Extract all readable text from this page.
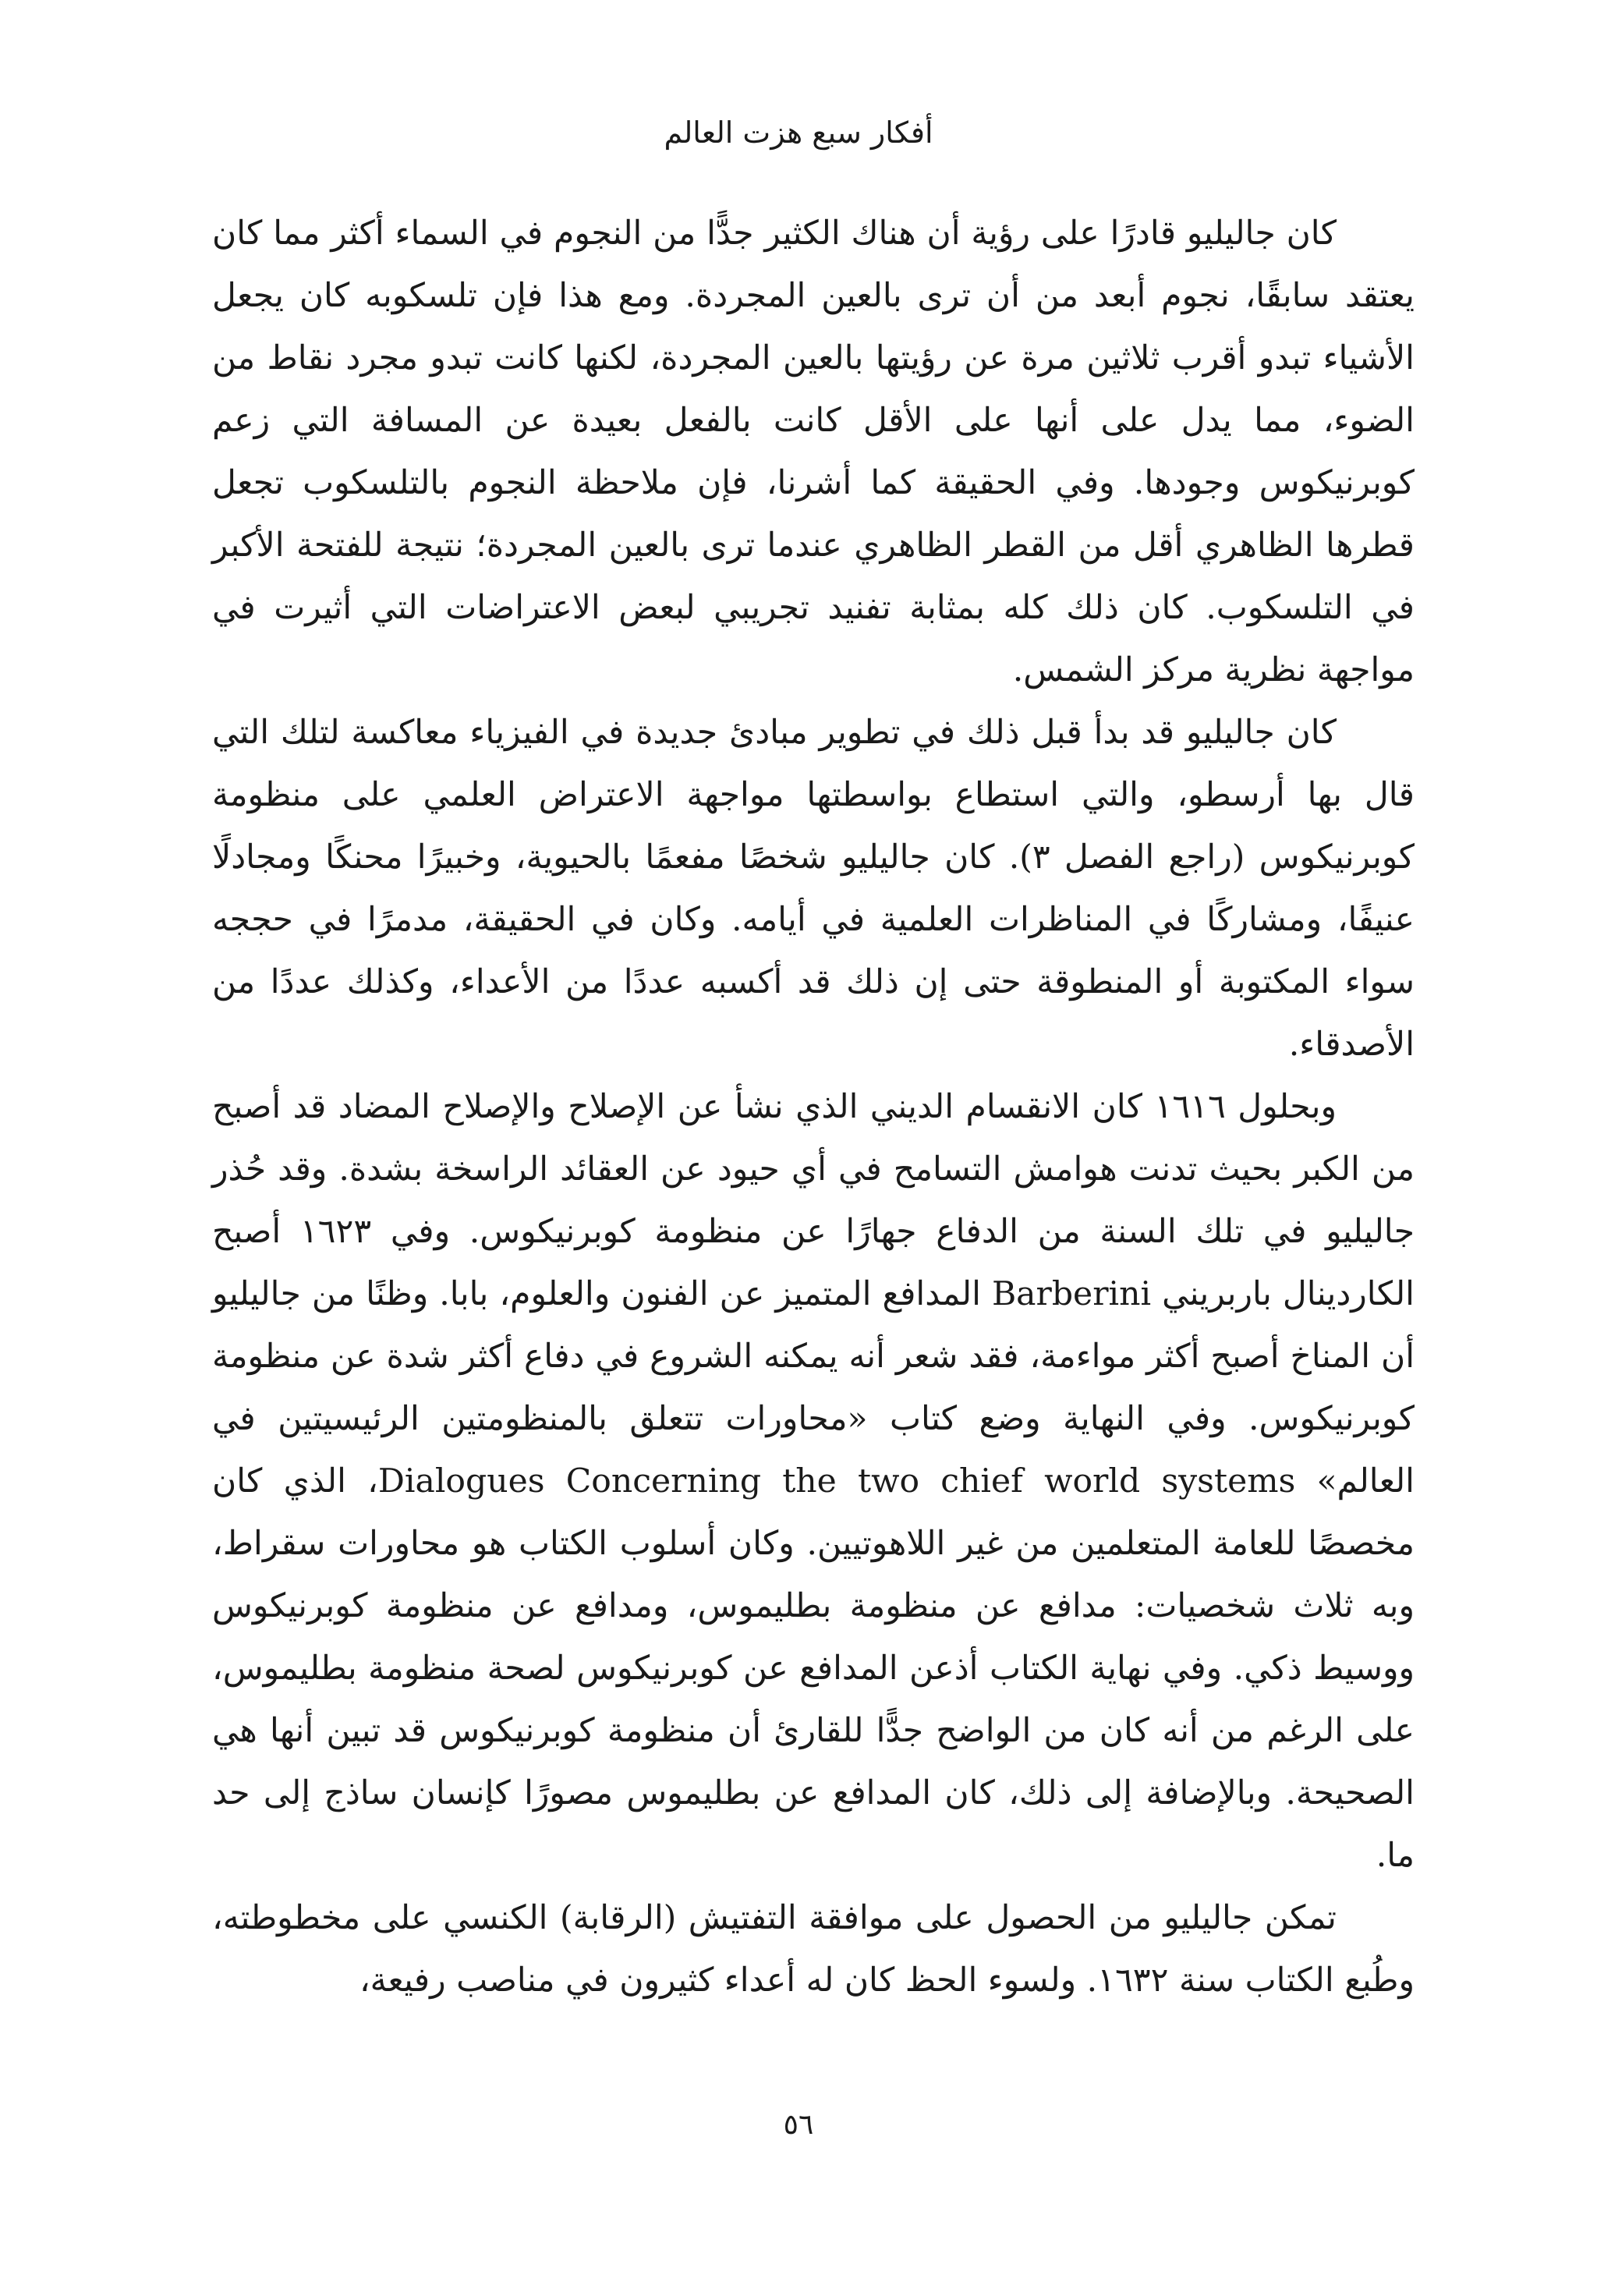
أفكار سبع هزت العالم

كان جاليليو قادرًا على رؤية أن هناك الكثير جدًّا من النجوم في السماء أكثر مما كان يعتقد سابقًا، نجوم أبعد من أن ترى بالعين المجردة. ومع هذا فإن تلسكوبه كان يجعل الأشياء تبدو أقرب ثلاثين مرة عن رؤيتها بالعين المجردة، لكنها كانت تبدو مجرد نقاط من الضوء، مما يدل على أنها على الأقل كانت بالفعل بعيدة عن المسافة التي زعم كوبرنيكوس وجودها. وفي الحقيقة كما أشرنا، فإن ملاحظة النجوم بالتلسكوب تجعل قطرها الظاهري أقل من القطر الظاهري عندما ترى بالعين المجردة؛ نتيجة للفتحة الأكبر في التلسكوب. كان ذلك كله بمثابة تفنيد تجريبي لبعض الاعتراضات التي أثيرت في مواجهة نظرية مركز الشمس.

كان جاليليو قد بدأ قبل ذلك في تطوير مبادئ جديدة في الفيزياء معاكسة لتلك التي قال بها أرسطو، والتي استطاع بواسطتها مواجهة الاعتراض العلمي على منظومة كوبرنيكوس (راجع الفصل ٣). كان جاليليو شخصًا مفعمًا بالحيوية، وخبيرًا محنكًا ومجادلًا عنيفًا، ومشاركًا في المناظرات العلمية في أيامه. وكان في الحقيقة، مدمرًا في حججه سواء المكتوبة أو المنطوقة حتى إن ذلك قد أكسبه عددًا من الأعداء، وكذلك عددًا من الأصدقاء.

وبحلول ١٦١٦ كان الانقسام الديني الذي نشأ عن الإصلاح والإصلاح المضاد قد أصبح من الكبر بحيث تدنت هوامش التسامح في أي حيود عن العقائد الراسخة بشدة. وقد حُذر جاليليو في تلك السنة من الدفاع جهارًا عن منظومة كوبرنيكوس. وفي ١٦٢٣ أصبح الكاردينال باربريني Barberini المدافع المتميز عن الفنون والعلوم، بابا. وظنًا من جاليليو أن المناخ أصبح أكثر مواءمة، فقد شعر أنه يمكنه الشروع في دفاع أكثر شدة عن منظومة كوبرنيكوس. وفي النهاية وضع كتاب «محاورات تتعلق بالمنظومتين الرئيسيتين في العالم» Dialogues Concerning the two chief world systems، الذي كان مخصصًا للعامة المتعلمين من غير اللاهوتيين. وكان أسلوب الكتاب هو محاورات سقراط، وبه ثلاث شخصيات: مدافع عن منظومة بطليموس، ومدافع عن منظومة كوبرنيكوس ووسيط ذكي. وفي نهاية الكتاب أذعن المدافع عن كوبرنيكوس لصحة منظومة بطليموس، على الرغم من أنه كان من الواضح جدًّا للقارئ أن منظومة كوبرنيكوس قد تبين أنها هي الصحيحة. وبالإضافة إلى ذلك، كان المدافع عن بطليموس مصورًا كإنسان ساذج إلى حد ما.

تمكن جاليليو من الحصول على موافقة التفتيش (الرقابة) الكنسي على مخطوطته، وطُبع الكتاب سنة ١٦٣٢. ولسوء الحظ كان له أعداء كثيرون في مناصب رفيعة،

٥٦
